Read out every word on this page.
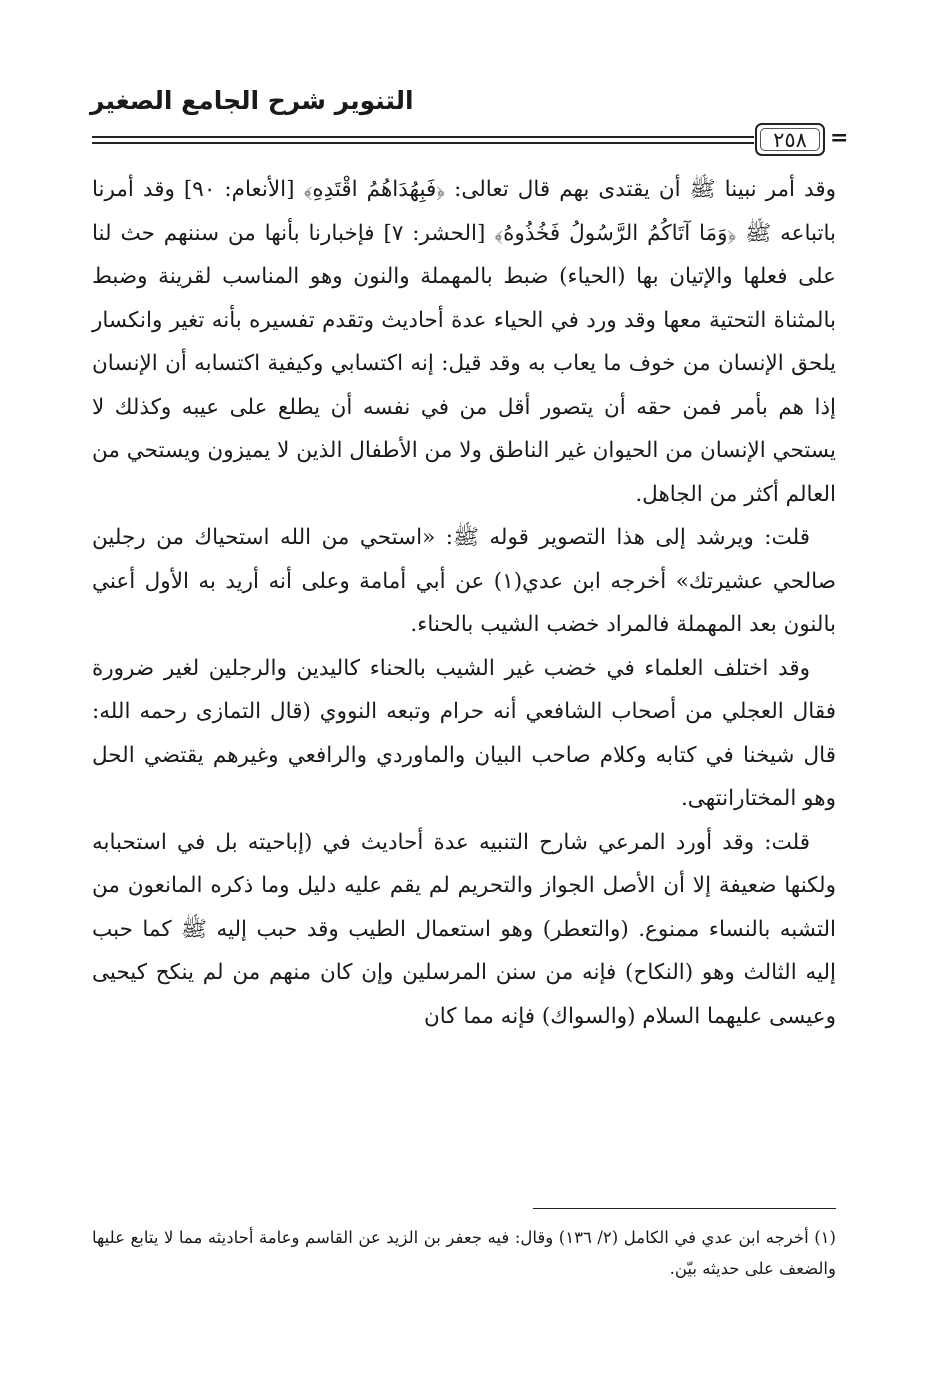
التنوير شرح الجامع الصغير
٢٥٨	=

وقد أمر نبينا ﷺ أن يقتدى بهم قال تعالى: ﴿فَبِهُدَاهُمُ اقْتَدِهِ﴾ [الأنعام: ٩٠] وقد أمرنا باتباعه ﷺ ﴿وَمَا آتَاكُمُ الرَّسُولُ فَخُذُوهُ﴾ [الحشر: ٧] فإخبارنا بأنها من سننهم حث لنا على فعلها والإتيان بها (الحياء) ضبط بالمهملة والنون وهو المناسب لقرينة وضبط بالمثناة التحتية معها وقد ورد في الحياء عدة أحاديث وتقدم تفسيره بأنه تغير وانكسار يلحق الإنسان من خوف ما يعاب به وقد قيل: إنه اكتسابي وكيفية اكتسابه أن الإنسان إذا هم بأمر فمن حقه أن يتصور أقل من في نفسه أن يطلع على عيبه وكذلك لا يستحي الإنسان من الحيوان غير الناطق ولا من الأطفال الذين لا يميزون ويستحي من العالم أكثر من الجاهل.

قلت: ويرشد إلى هذا التصوير قوله ﷺ: «استحي من الله استحياك من رجلين صالحي عشيرتك» أخرجه ابن عدي(١) عن أبي أمامة وعلى أنه أريد به الأول أعني بالنون بعد المهملة فالمراد خضب الشيب بالحناء.

وقد اختلف العلماء في خضب غير الشيب بالحناء كاليدين والرجلين لغير ضرورة فقال العجلي من أصحاب الشافعي أنه حرام وتبعه النووي (قال التمازى رحمه الله: قال شيخنا في كتابه وكلام صاحب البيان والماوردي والرافعي وغيرهم يقتضي الحل وهو المختارانتهى.

قلت: وقد أورد المرعي شارح التنبيه عدة أحاديث في (إباحيته بل في استحبابه ولكنها ضعيفة إلا أن الأصل الجواز والتحريم لم يقم عليه دليل وما ذكره المانعون من التشبه بالنساء ممنوع. (والتعطر) وهو استعمال الطيب وقد حبب إليه ﷺ كما حبب إليه الثالث وهو (النكاح) فإنه من سنن المرسلين وإن كان منهم من لم ينكح كيحيى وعيسى عليهما السلام (والسواك) فإنه مما كان

(١) أخرجه ابن عدي في الكامل (٢/ ١٣٦) وقال: فيه جعفر بن الزيد عن القاسم وعامة أحاديثه مما لا يتابع عليها والضعف على حديثه بيّن.
